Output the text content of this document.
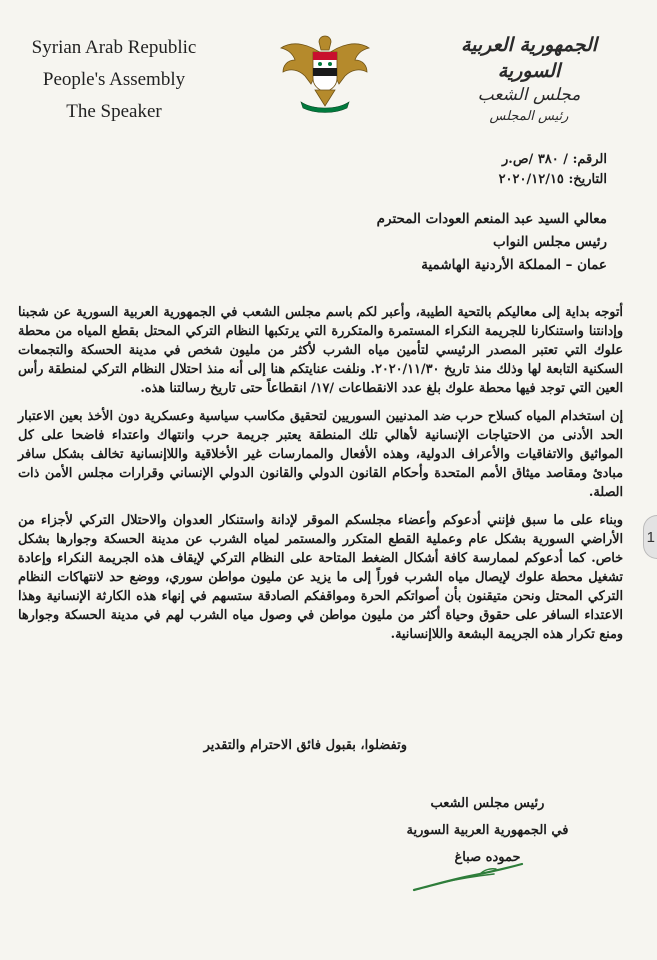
Syrian Arab Republic
People's Assembly
The Speaker
الجمهورية العربية السورية
مجلس الشعب
رئيس المجلس
الرقم: / ٣٨٠ /ص.ر
التاريخ: ٢٠٢٠/١٢/١٥
معالي السيد عبد المنعم العودات المحترم
رئيس مجلس النواب
عمان – المملكة الأردنية الهاشمية

أتوجه بداية إلى معاليكم بالتحية الطيبة، وأعبر لكم باسم مجلس الشعب في الجمهورية العربية السورية عن شجبنا وإدانتنا واستنكارنا للجريمة النكراء المستمرة والمتكررة التي يرتكبها النظام التركي المحتل بقطع المياه من محطة علوك التي تعتبر المصدر الرئيسي لتأمين مياه الشرب لأكثر من مليون شخص في مدينة الحسكة والتجمعات السكنية التابعة لها وذلك منذ تاريخ ٢٠٢٠/١١/٣٠. ونلفت عنايتكم هنا إلى أنه منذ احتلال النظام التركي لمنطقة رأس العين التي توجد فيها محطة علوك بلغ عدد الانقطاعات /١٧/ انقطاعاً حتى تاريخ رسالتنا هذه.

إن استخدام المياه كسلاح حرب ضد المدنيين السوريين لتحقيق مكاسب سياسية وعسكرية دون الأخذ بعين الاعتبار الحد الأدنى من الاحتياجات الإنسانية لأهالي تلك المنطقة يعتبر جريمة حرب وانتهاك واعتداء فاضحا على كل المواثيق والاتفاقيات والأعراف الدولية، وهذه الأفعال والممارسات غير الأخلاقية واللاإنسانية تخالف بشكل سافر مبادئ ومقاصد ميثاق الأمم المتحدة وأحكام القانون الدولي والقانون الدولي الإنساني وقرارات مجلس الأمن ذات الصلة.

وبناء على ما سبق فإنني أدعوكم وأعضاء مجلسكم الموقر لإدانة واستنكار العدوان والاحتلال التركي لأجزاء من الأراضي السورية بشكل عام وعملية القطع المتكرر والمستمر لمياه الشرب عن مدينة الحسكة وجوارها بشكل خاص. كما أدعوكم لممارسة كافة أشكال الضغط المتاحة على النظام التركي لإيقاف هذه الجريمة النكراء وإعادة تشغيل محطة علوك لإيصال مياه الشرب فوراً إلى ما يزيد عن مليون مواطن سوري، ووضع حد لانتهاكات النظام التركي المحتل ونحن متيقنون بأن أصواتكم الحرة ومواقفكم الصادقة ستسهم في إنهاء هذه الكارثة الإنسانية وهذا الاعتداء السافر على حقوق وحياة أكثر من مليون مواطن في وصول مياه الشرب لهم في مدينة الحسكة وجوارها ومنع تكرار هذه الجريمة البشعة واللاإنسانية.

وتفضلوا، بقبول فائق الاحترام والتقدير
رئيس مجلس الشعب
في الجمهورية العربية السورية
حموده صباغ
1
